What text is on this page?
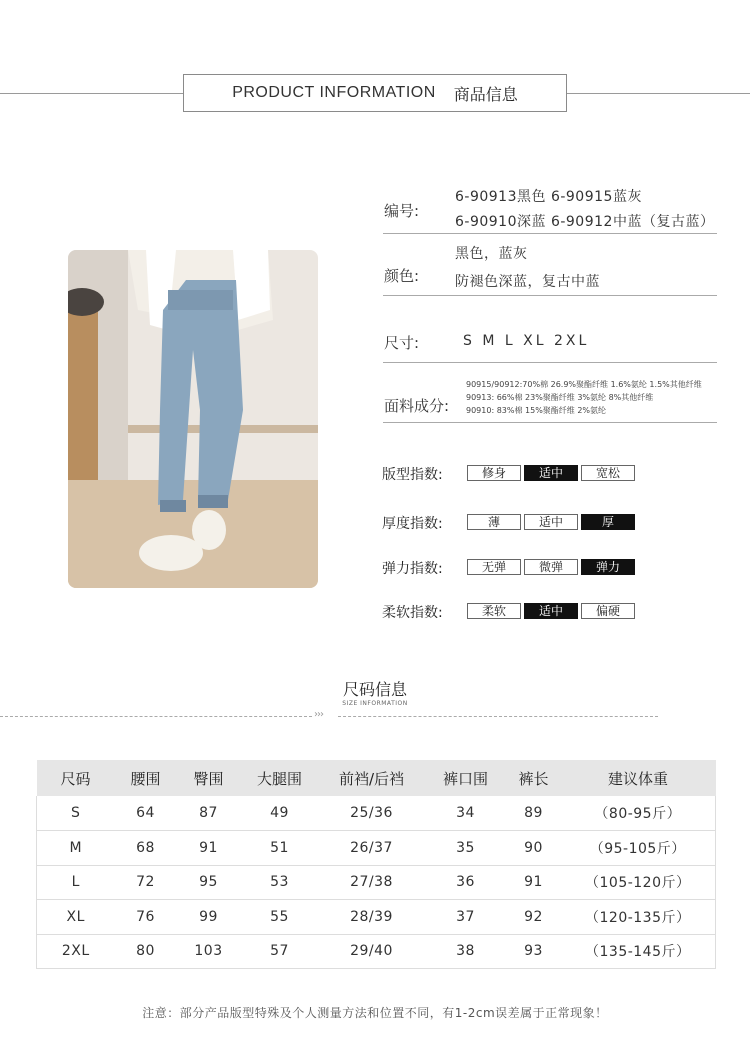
PRODUCT INFORMATION 商品信息
编号:
6-90913黑色 6-90915蓝灰
6-90910深蓝 6-90912中蓝（复古蓝）
颜色:
黑色，蓝灰
防褪色深蓝，复古中蓝
尺寸:	S M L XL 2XL
面料成分:
90915/90912:70%棉 26.9%聚酯纤维 1.6%氨纶 1.5%其他纤维
90913: 66%棉 23%聚酯纤维 3%氨纶 8%其他纤维
90910: 83%棉 15%聚酯纤维 2%氨纶
版型指数:	修身	适中	宽松
厚度指数:	薄	适中	厚
弹力指数:	无弹	微弹	弹力
柔软指数:	柔软	适中	偏硬
尺码信息
SIZE INFORMATION
›››
尺码	腰围	臀围	大腿围	前裆/后裆	裤口围	裤长	建议体重
S	64	87	49	25/36	34	89	（80-95斤）
M	68	91	51	26/37	35	90	（95-105斤）
L	72	95	53	27/38	36	91	（105-120斤）
XL	76	99	55	28/39	37	92	（120-135斤）
2XL	80	103	57	29/40	38	93	（135-145斤）
注意：部分产品版型特殊及个人测量方法和位置不同，有1-2cm误差属于正常现象！
